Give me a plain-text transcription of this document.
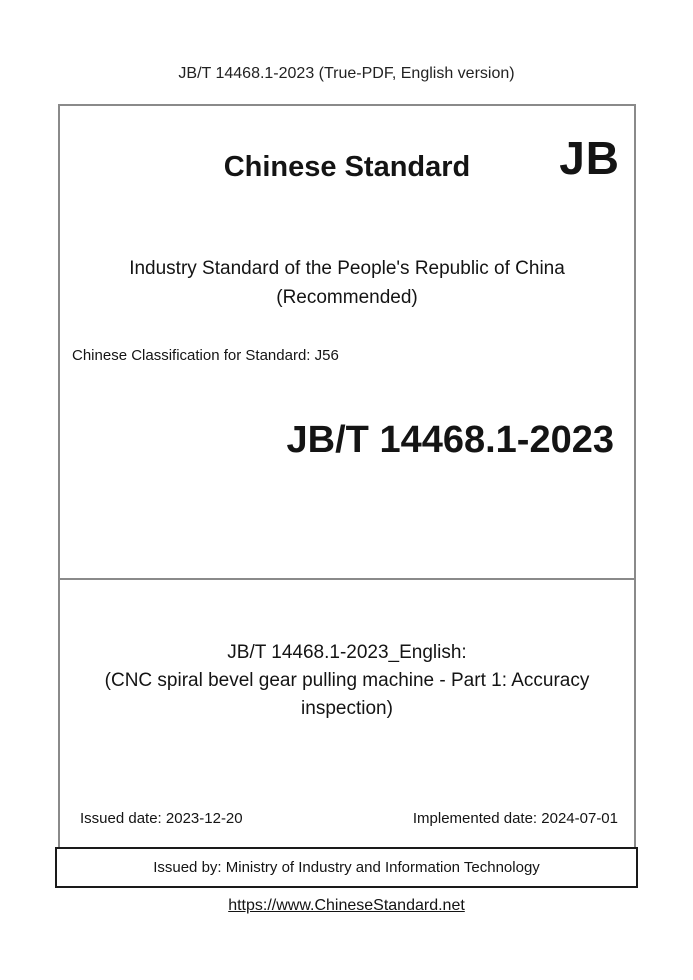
JB/T 14468.1-2023 (True-PDF, English version)
Chinese Standard	JB
Industry Standard of the People's Republic of China
(Recommended)
Chinese Classification for Standard: J56
JB/T 14468.1-2023
JB/T 14468.1-2023_English:
(CNC spiral bevel gear pulling machine - Part 1: Accuracy
inspection)
Issued date: 2023-12-20	Implemented date: 2024-07-01
Issued by: Ministry of Industry and Information Technology
https://www.ChineseStandard.net
